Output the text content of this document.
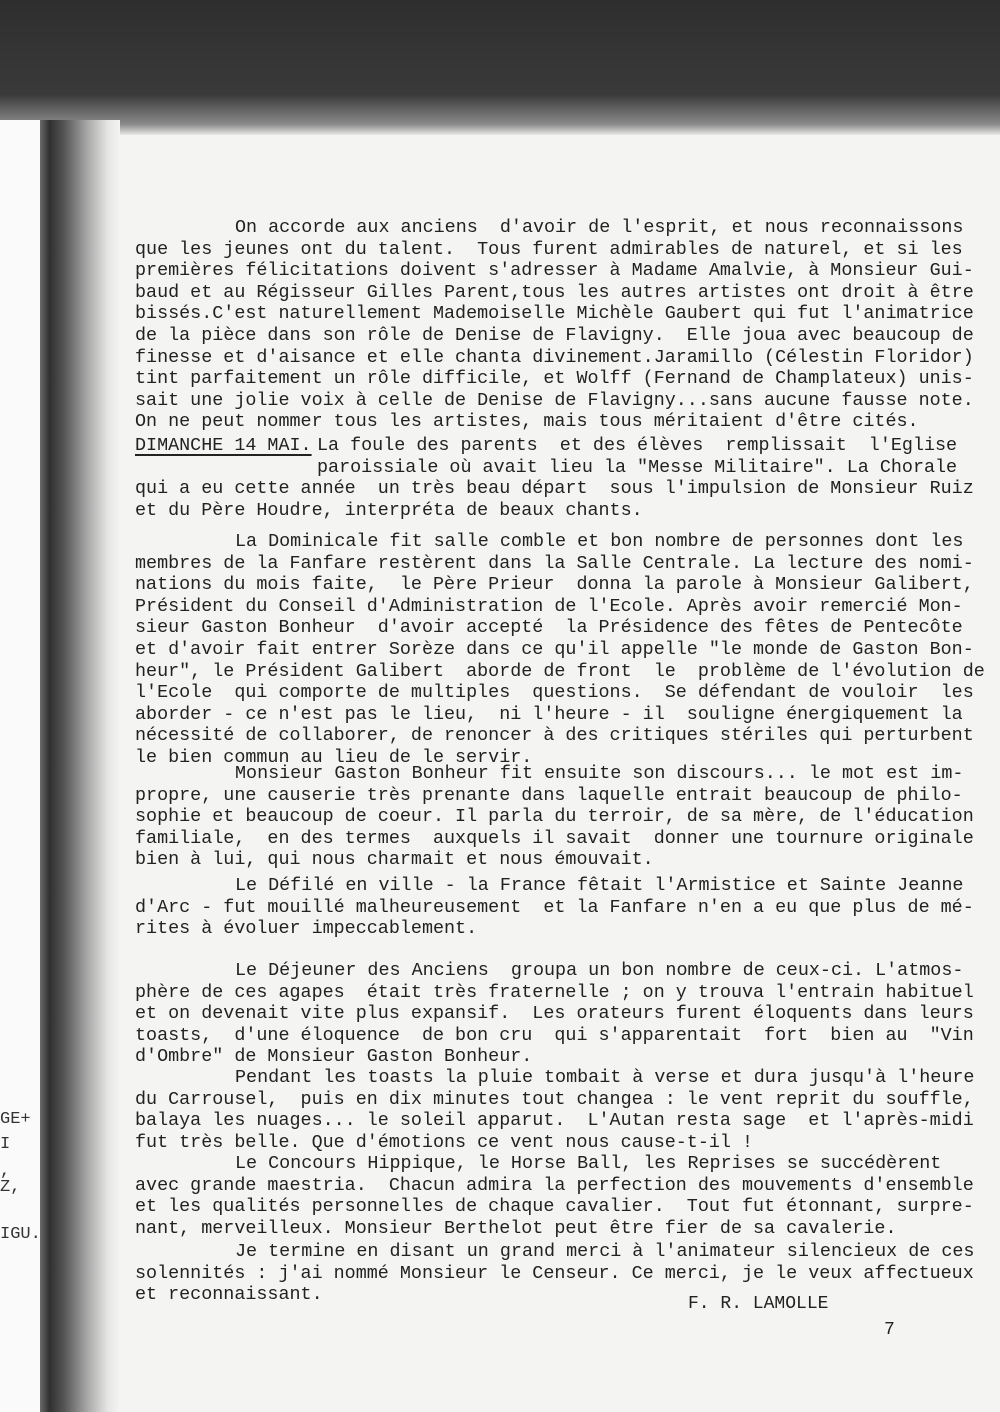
GE+
I
,
Z,
IGU.
On accorde aux anciens  d'avoir de l'esprit, et nous reconnaissons
que les jeunes ont du talent.  Tous furent admirables de naturel, et si les
premières félicitations doivent s'adresser à Madame Amalvie, à Monsieur Gui-
baud et au Régisseur Gilles Parent,tous les autres artistes ont droit à être
bissés.C'est naturellement Mademoiselle Michèle Gaubert qui fut l'animatrice
de la pièce dans son rôle de Denise de Flavigny.  Elle joua avec beaucoup de
finesse et d'aisance et elle chanta divinement.Jaramillo (Célestin Floridor)
tint parfaitement un rôle difficile, et Wolff (Fernand de Champlateux) unis-
sait une jolie voix à celle de Denise de Flavigny...sans aucune fausse note.
On ne peut nommer tous les artistes, mais tous méritaient d'être cités.
DIMANCHE 14 MAI. La foule des parents  et des élèves  remplissait  l'Eglise
paroissiale où avait lieu la "Messe Militaire". La Chorale
qui a eu cette année  un très beau départ  sous l'impulsion de Monsieur Ruiz
et du Père Houdre, interpréta de beaux chants.
La Dominicale fit salle comble et bon nombre de personnes dont les
membres de la Fanfare restèrent dans la Salle Centrale. La lecture des nomi-
nations du mois faite,  le Père Prieur  donna la parole à Monsieur Galibert,
Président du Conseil d'Administration de l'Ecole. Après avoir remercié Mon-
sieur Gaston Bonheur  d'avoir accepté  la Présidence des fêtes de Pentecôte
et d'avoir fait entrer Sorèze dans ce qu'il appelle "le monde de Gaston Bon-
heur", le Président Galibert  aborde de front  le  problème de l'évolution de
l'Ecole  qui comporte de multiples  questions.  Se défendant de vouloir  les
aborder - ce n'est pas le lieu,  ni l'heure - il  souligne énergiquement la
nécessité de collaborer, de renoncer à des critiques stériles qui perturbent
le bien commun au lieu de le servir.
Monsieur Gaston Bonheur fit ensuite son discours... le mot est im-
propre, une causerie très prenante dans laquelle entrait beaucoup de philo-
sophie et beaucoup de coeur. Il parla du terroir, de sa mère, de l'éducation
familiale,  en des termes  auxquels il savait  donner une tournure originale
bien à lui, qui nous charmait et nous émouvait.
Le Défilé en ville - la France fêtait l'Armistice et Sainte Jeanne
d'Arc - fut mouillé malheureusement  et la Fanfare n'en a eu que plus de mé-
rites à évoluer impeccablement.
Le Déjeuner des Anciens  groupa un bon nombre de ceux-ci. L'atmos-
phère de ces agapes  était très fraternelle ; on y trouva l'entrain habituel
et on devenait vite plus expansif.  Les orateurs furent éloquents dans leurs
toasts,  d'une éloquence  de bon cru  qui s'apparentait  fort  bien au  "Vin
d'Ombre" de Monsieur Gaston Bonheur.
Pendant les toasts la pluie tombait à verse et dura jusqu'à l'heure
du Carrousel,  puis en dix minutes tout changea : le vent reprit du souffle,
balaya les nuages... le soleil apparut.  L'Autan resta sage  et l'après-midi
fut très belle. Que d'émotions ce vent nous cause-t-il !
Le Concours Hippique, le Horse Ball, les Reprises se succédèrent
avec grande maestria.  Chacun admira la perfection des mouvements d'ensemble
et les qualités personnelles de chaque cavalier.  Tout fut étonnant, surpre-
nant, merveilleux. Monsieur Berthelot peut être fier de sa cavalerie.
Je termine en disant un grand merci à l'animateur silencieux de ces
solennités : j'ai nommé Monsieur le Censeur. Ce merci, je le veux affectueux
et reconnaissant.	F. R. LAMOLLE
7
